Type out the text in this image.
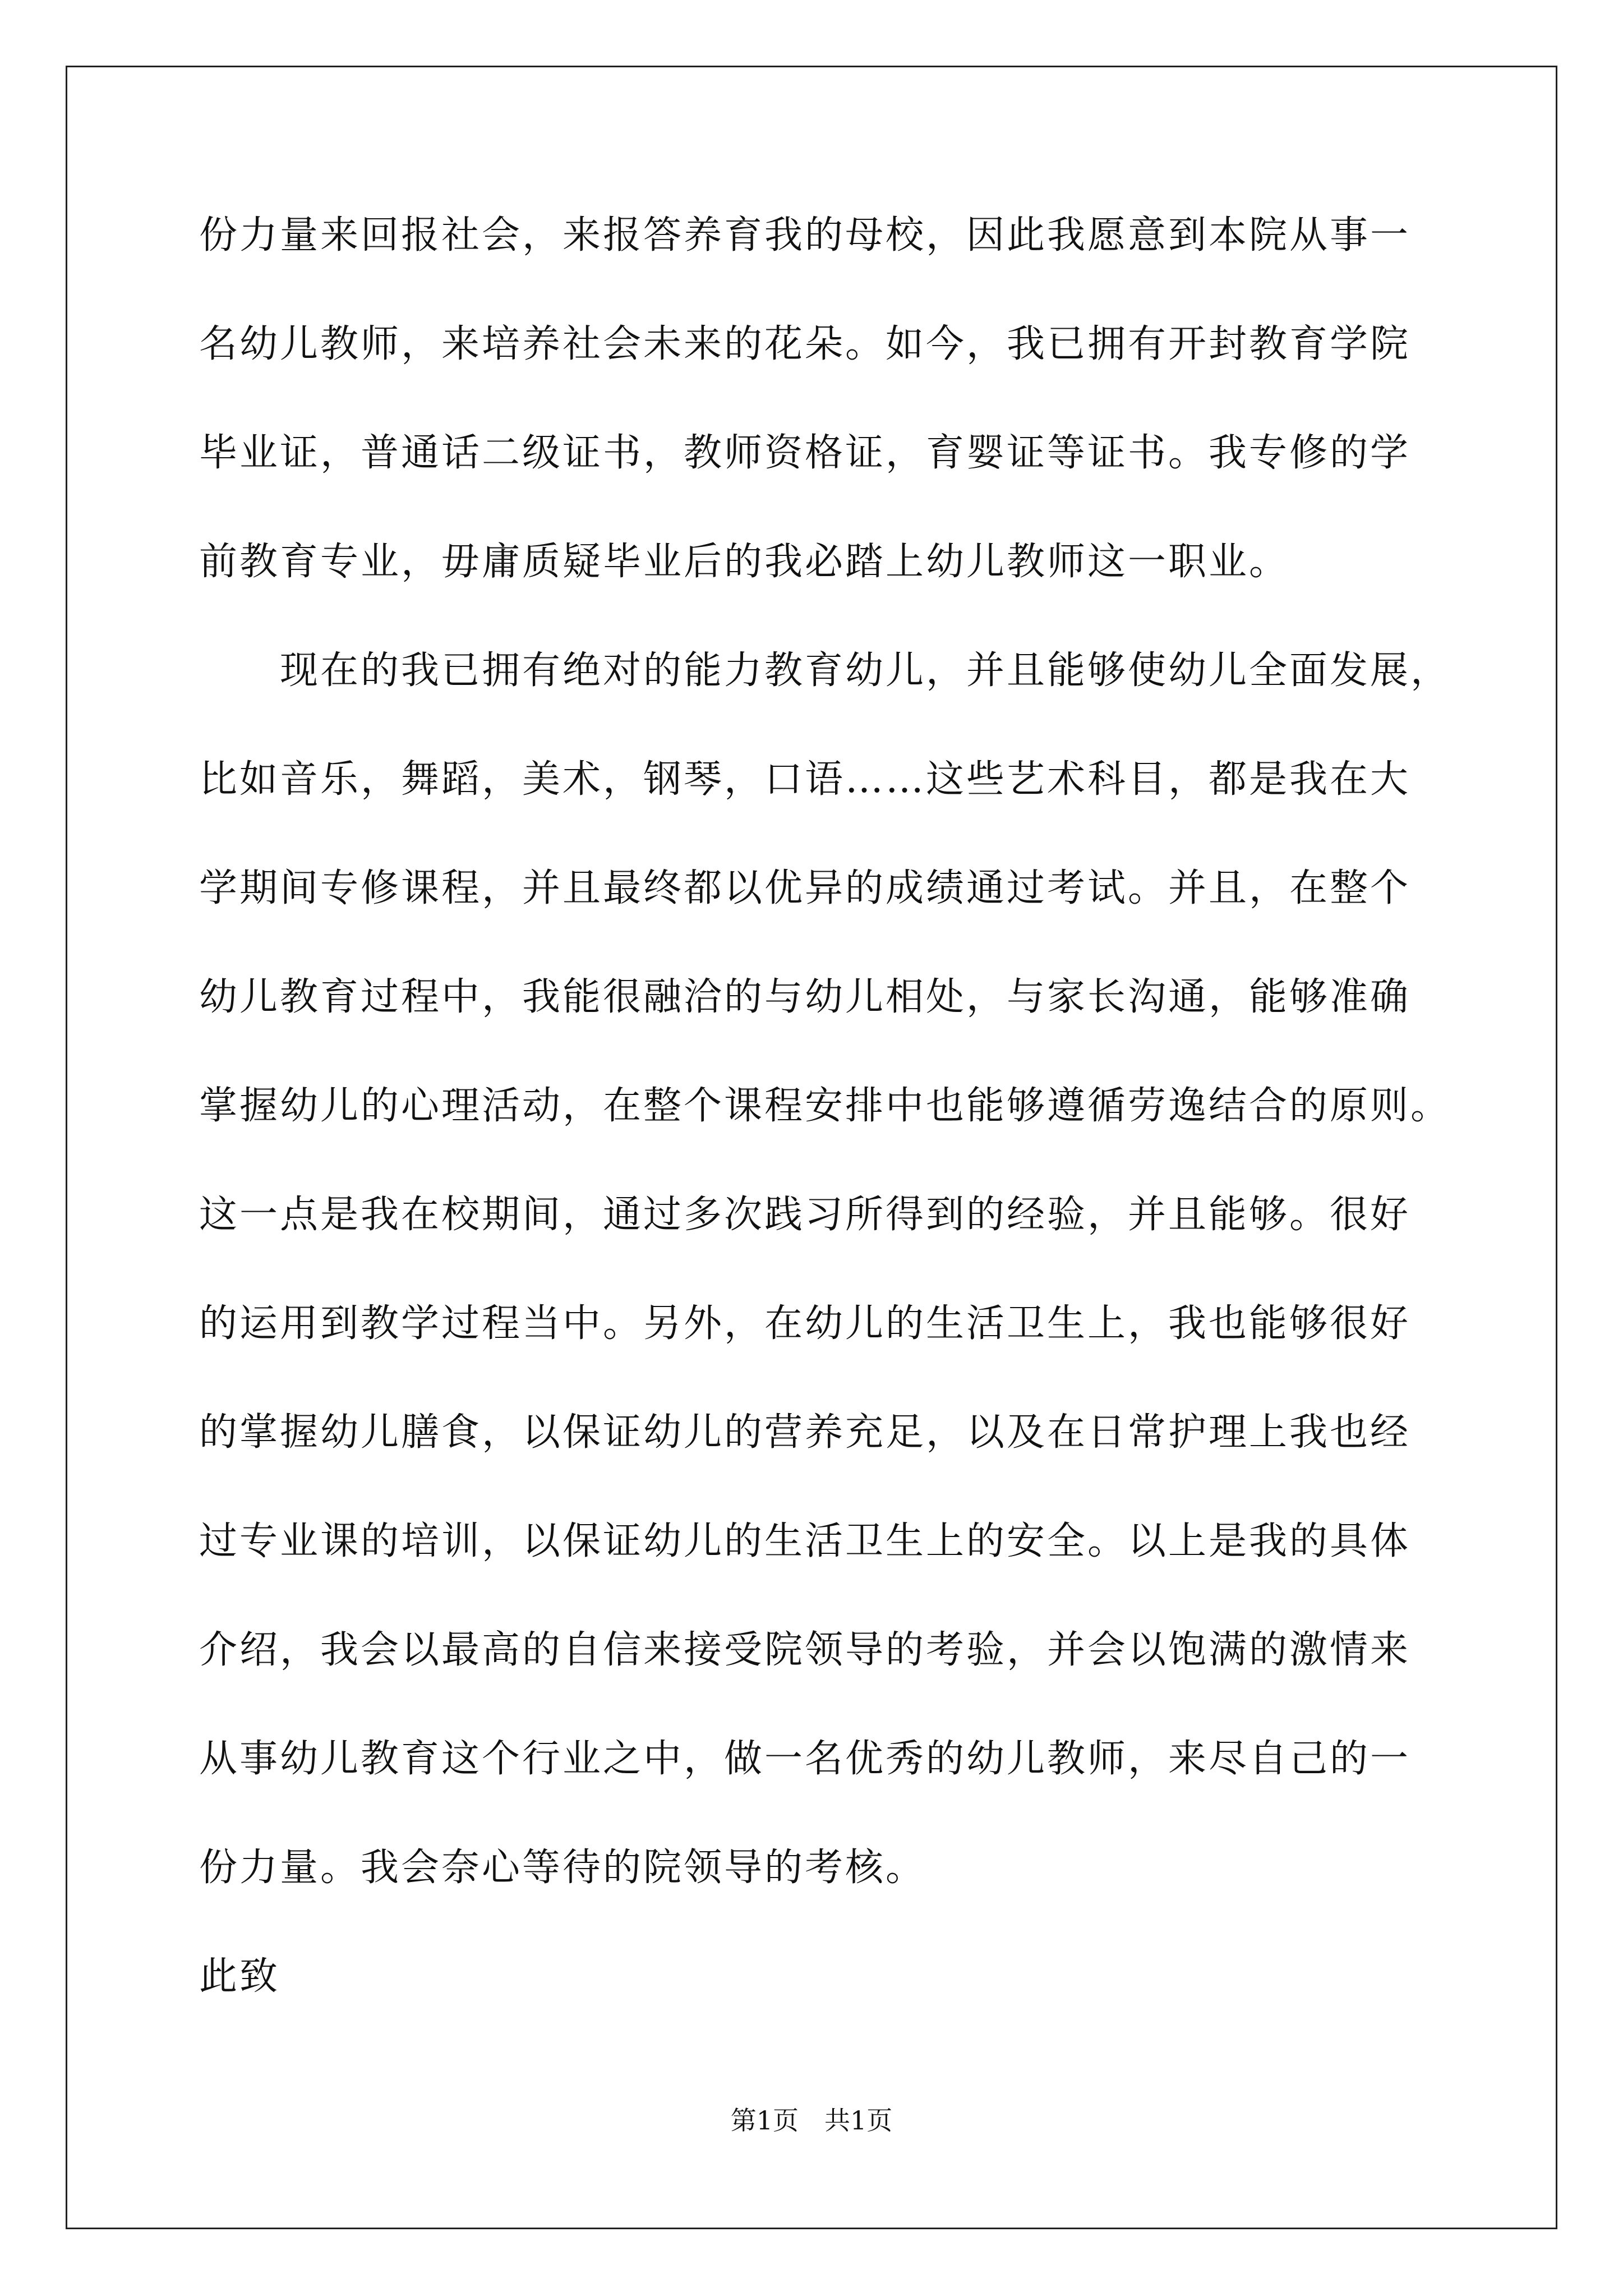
份力量来回报社会，来报答养育我的母校，因此我愿意到本院从事一
名幼儿教师，来培养社会未来的花朵。如今，我已拥有开封教育学院
毕业证，普通话二级证书，教师资格证，育婴证等证书。我专修的学
前教育专业，毋庸质疑毕业后的我必踏上幼儿教师这一职业。
　　现在的我已拥有绝对的能力教育幼儿，并且能够使幼儿全面发展，
比如音乐，舞蹈，美术，钢琴，口语……这些艺术科目，都是我在大
学期间专修课程，并且最终都以优异的成绩通过考试。并且，在整个
幼儿教育过程中，我能很融洽的与幼儿相处，与家长沟通，能够准确
掌握幼儿的心理活动，在整个课程安排中也能够遵循劳逸结合的原则。
这一点是我在校期间，通过多次践习所得到的经验，并且能够。很好
的运用到教学过程当中。另外，在幼儿的生活卫生上，我也能够很好
的掌握幼儿膳食，以保证幼儿的营养充足，以及在日常护理上我也经
过专业课的培训，以保证幼儿的生活卫生上的安全。以上是我的具体
介绍，我会以最高的自信来接受院领导的考验，并会以饱满的激情来
从事幼儿教育这个行业之中，做一名优秀的幼儿教师，来尽自己的一
份力量。我会奈心等待的院领导的考核。
此致
第1页　共1页
